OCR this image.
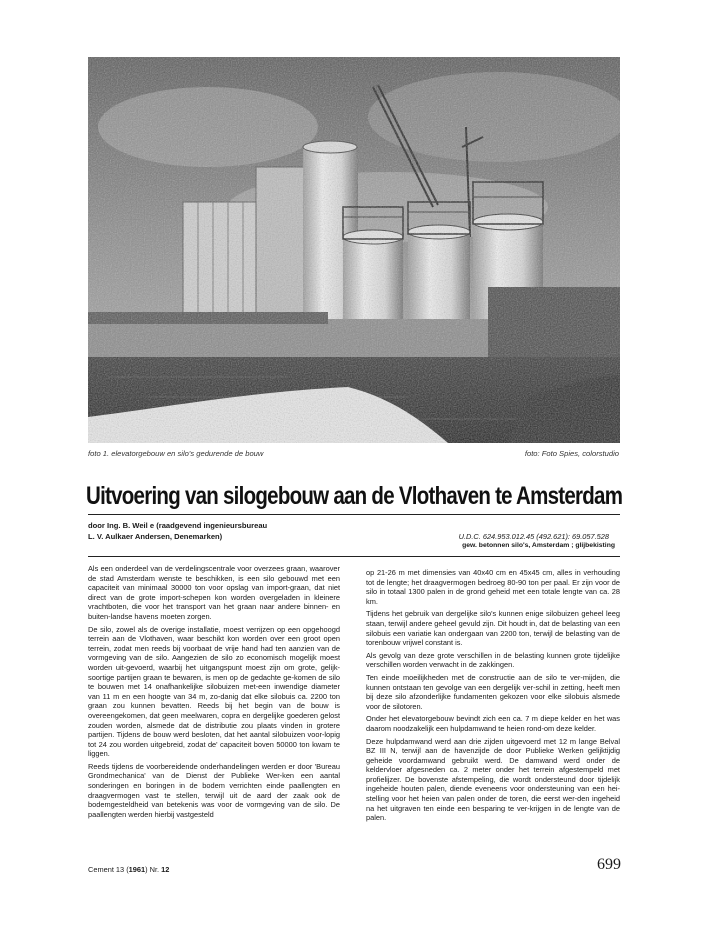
foto 1. elevatorgebouw en silo's gedurende de bouw	foto: Foto Spies, colorstudio
Uitvoering van silogebouw aan de Vlothaven te Amsterdam
door Ing. B. Weil e (raadgevend ingenieursbureau
L. V. Aulkaer Andersen, Denemarken)	U.D.C. 624.953.012.45 (492.621): 69.057.528
gew. betonnen silo's, Amsterdam ; glijbekisting

Als een onderdeel van de verdelingscentrale voor overzees graan, waarover de stad Amsterdam wenste te beschikken, is een silo gebouwd met een capaciteit van minimaal 30000 ton voor opslag van import-graan, dat niet direct van de grote import-schepen kon worden overgeladen in kleinere vrachtboten, die voor het transport van het graan naar andere binnen- en buiten-landse havens moeten zorgen.

De silo, zowel als de overige installatie, moest verrijzen op een opgehoogd terrein aan de Vlothaven, waar beschikt kon worden over een groot open terrein, zodat men reeds bij voorbaat de vrije hand had ten aanzien van de vormgeving van de silo. Aangezien de silo zo economisch mogelijk moest worden uit-gevoerd, waarbij het uitgangspunt moest zijn om grote, gelijk-soortige partijen graan te bewaren, is men op de gedachte ge-komen de silo te bouwen met 14 onafhankelijke silobuizen met-een inwendige diameter van 11 m en een hoogte van 34 m, zo-danig dat elke silobuis ca. 2200 ton graan zou kunnen bevatten. Reeds bij het begin van de bouw is overeengekomen, dat geen meelwaren, copra en dergelijke goederen gelost zouden worden, alsmede dat de distributie zou plaats vinden in grotere partijen. Tijdens de bouw werd besloten, dat het aantal silobuizen voor-lopig tot 24 zou worden uitgebreid, zodat de' capaciteit boven 50000 ton kwam te liggen.

Reeds tijdens de voorbereidende onderhandelingen werden er door 'Bureau Grondmechanica' van de Dienst der Publieke Wer-ken een aantal sonderingen en boringen in de bodem verrichten einde paallengten en draagvermogen vast te stellen, terwijl uit de aard der zaak ook de bodemgesteldheid van betekenis was voor de vormgeving van de silo. De paallengten werden hierbij vastgesteld

op 21-26 m met dimensies van 40x40 cm en 45x45 cm, alles in verhouding tot de lengte; het draagvermogen bedroeg 80-90 ton per paal. Er zijn voor de silo in totaal 1300 palen in de grond geheid met een totale lengte van ca. 28 km.

Tijdens het gebruik van dergelijke silo's kunnen enige silobuizen geheel leeg staan, terwijl andere geheel gevuld zijn. Dit houdt in, dat de belasting van een silobuis een variatie kan ondergaan van 2200 ton, terwijl de belasting van de torenbouw vrijwel constant is.

Als gevolg van deze grote verschillen in de belasting kunnen grote tijdelijke verschillen worden verwacht in de zakkingen.

Ten einde moeilijkheden met de constructie aan de silo te ver-mijden, die kunnen ontstaan ten gevolge van een dergelijk ver-schil in zetting, heeft men bij deze silo afzonderlijke fundamenten gekozen voor elke silobuis alsmede voor de silotoren.

Onder het elevatorgebouw bevindt zich een ca. 7 m diepe kelder en het was daarom noodzakelijk een hulpdamwand te heien rond-om deze kelder.

Deze hulpdamwand werd aan drie zijden uitgevoerd met 12 m lange Belval BZ III N, terwijl aan de havenzijde de door Publieke Werken gelijktijdig geheide voordamwand gebruikt werd. De damwand werd onder de keldervloer afgesneden ca. 2 meter onder het terrein afgestempeld met profielijzer. De bovenste afstempeling, die wordt ondersteund door tijdelijk ingeheide houten palen, diende eveneens voor ondersteuning van een hei-stelling voor het heien van palen onder de toren, die eerst wer-den ingeheid na het uitgraven ten einde een besparing te ver-krijgen in de lengte van de palen.

Cement 13 (1961) Nr. 12	699
